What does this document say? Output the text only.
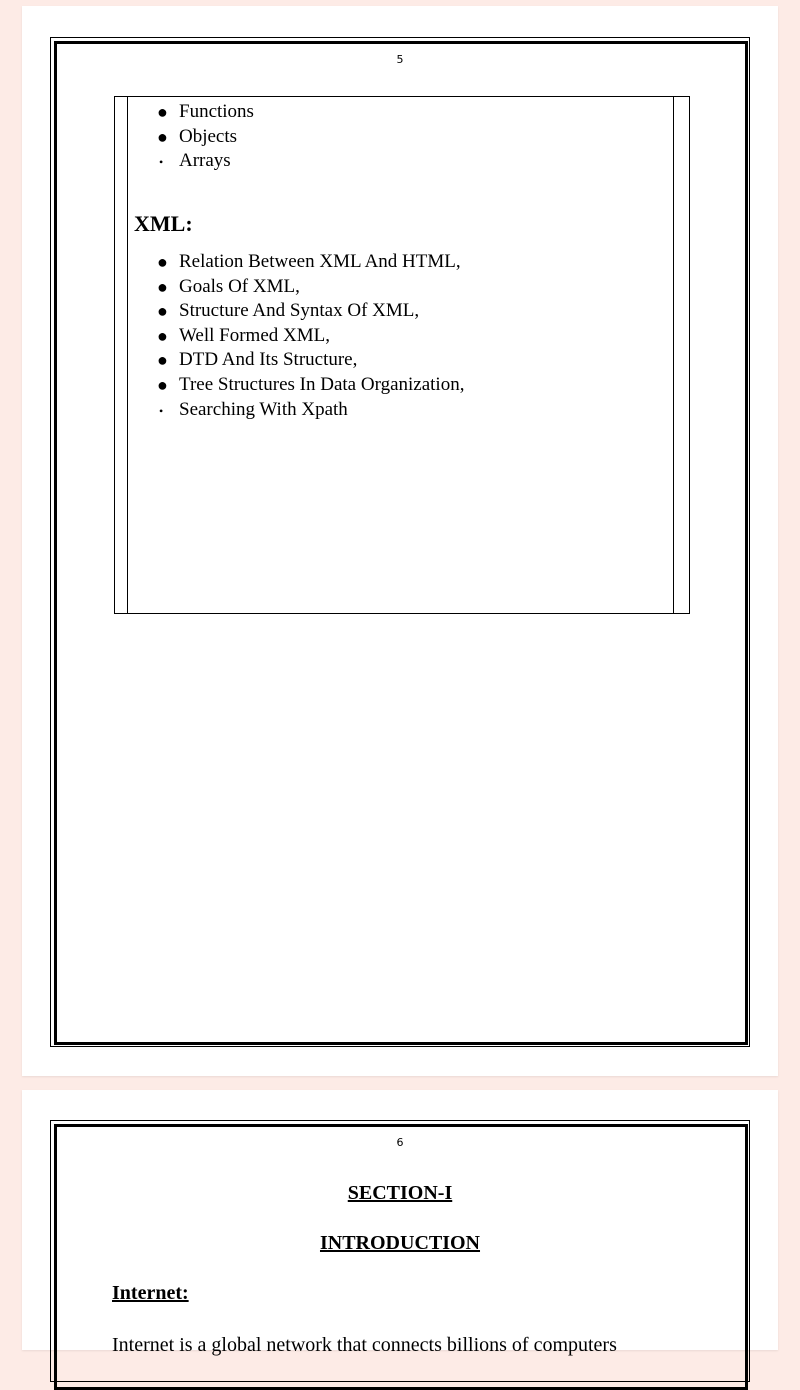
5
● Functions
● Objects
• Arrays
XML:
● Relation Between XML And HTML,
● Goals Of XML,
● Structure And Syntax Of XML,
● Well Formed XML,
● DTD And Its Structure,
● Tree Structures In Data Organization,
• Searching With Xpath
6
SECTION-I
INTRODUCTION
Internet:
Internet is a global network that connects billions of computers
